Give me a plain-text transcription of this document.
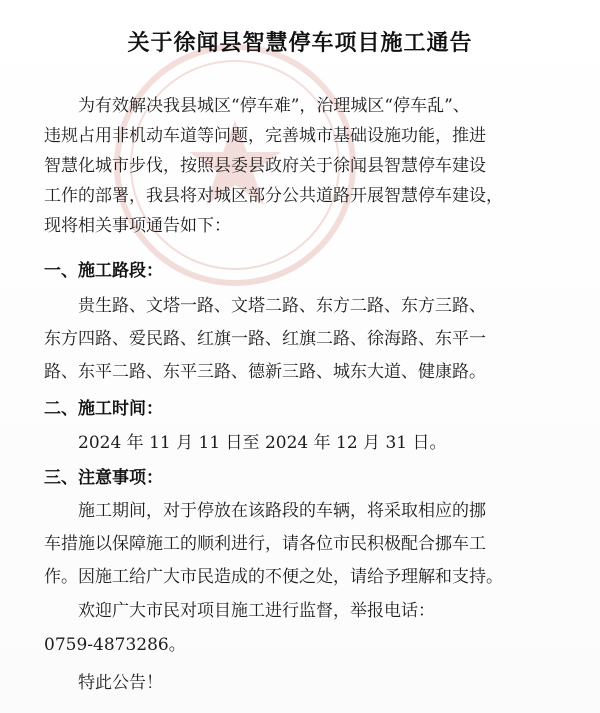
关于徐闻县智慧停车项目施工通告
为有效解决我县城区“停车难”，治理城区“停车乱”、
违规占用非机动车道等问题，完善城市基础设施功能，推进
智慧化城市步伐，按照县委县政府关于徐闻县智慧停车建设
工作的部署，我县将对城区部分公共道路开展智慧停车建设，
现将相关事项通告如下：
一、施工路段：
贵生路、文塔一路、文塔二路、东方二路、东方三路、
东方四路、爱民路、红旗一路、红旗二路、徐海路、东平一
路、东平二路、东平三路、德新三路、城东大道、健康路。
二、施工时间：
2024 年 11 月 11 日至 2024 年 12 月 31 日。
三、注意事项：
施工期间，对于停放在该路段的车辆，将采取相应的挪
车措施以保障施工的顺利进行，请各位市民积极配合挪车工
作。因施工给广大市民造成的不便之处，请给予理解和支持。
欢迎广大市民对项目施工进行监督，举报电话：
0759-4873286。
特此公告！
